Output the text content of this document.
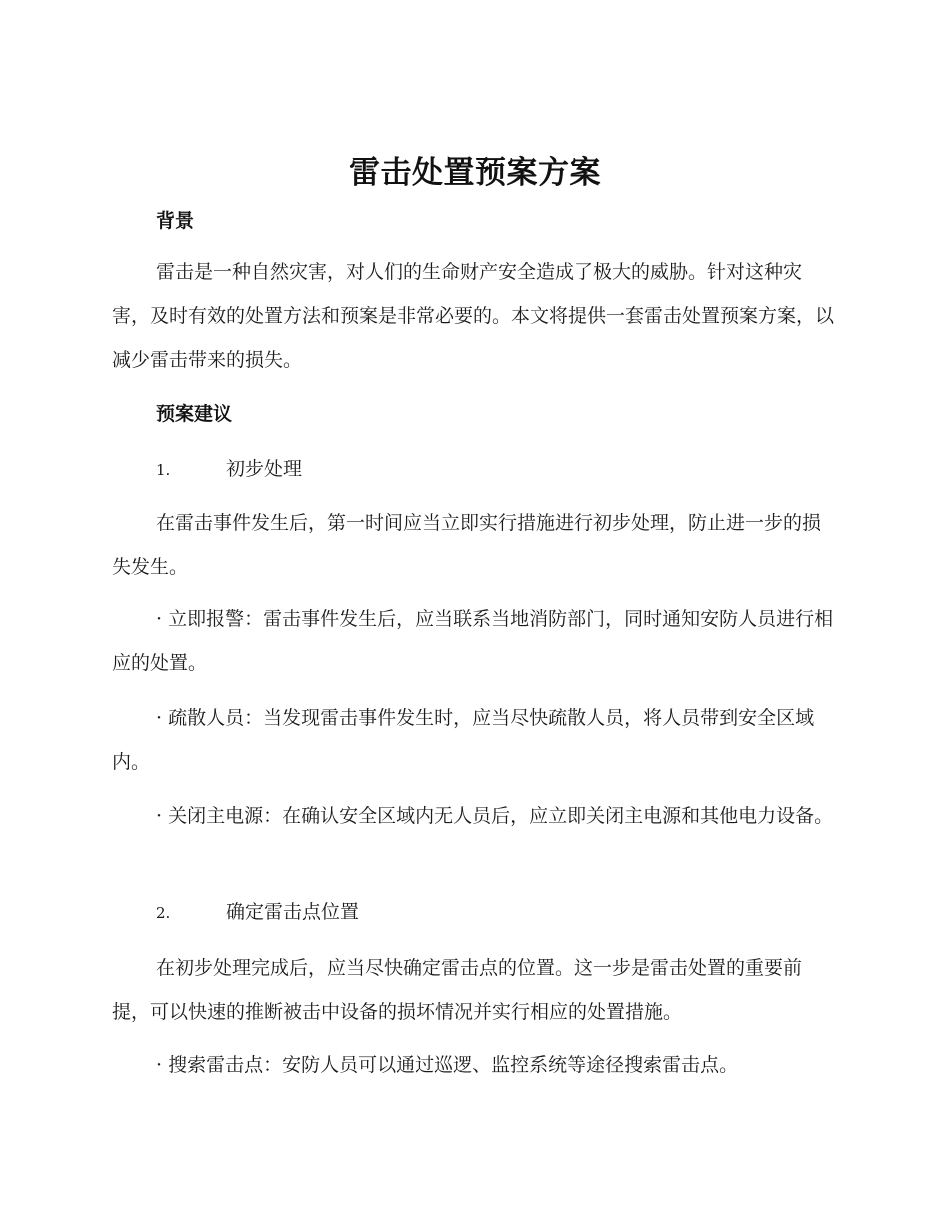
雷击处置预案方案
背景

雷击是一种自然灾害，对人们的生命财产安全造成了极大的威胁。针对这种灾害，及时有效的处置方法和预案是非常必要的。本文将提供一套雷击处置预案方案，以减少雷击带来的损失。

预案建议
1.	初步处理

在雷击事件发生后，第一时间应当立即实行措施进行初步处理，防止进一步的损失发生。

· 立即报警：雷击事件发生后，应当联系当地消防部门，同时通知安防人员进行相应的处置。

· 疏散人员：当发现雷击事件发生时，应当尽快疏散人员，将人员带到安全区域内。

· 关闭主电源：在确认安全区域内无人员后，应立即关闭主电源和其他电力设备。

2.	确定雷击点位置

在初步处理完成后，应当尽快确定雷击点的位置。这一步是雷击处置的重要前提，可以快速的推断被击中设备的损坏情况并实行相应的处置措施。

· 搜索雷击点：安防人员可以通过巡逻、监控系统等途径搜索雷击点。
